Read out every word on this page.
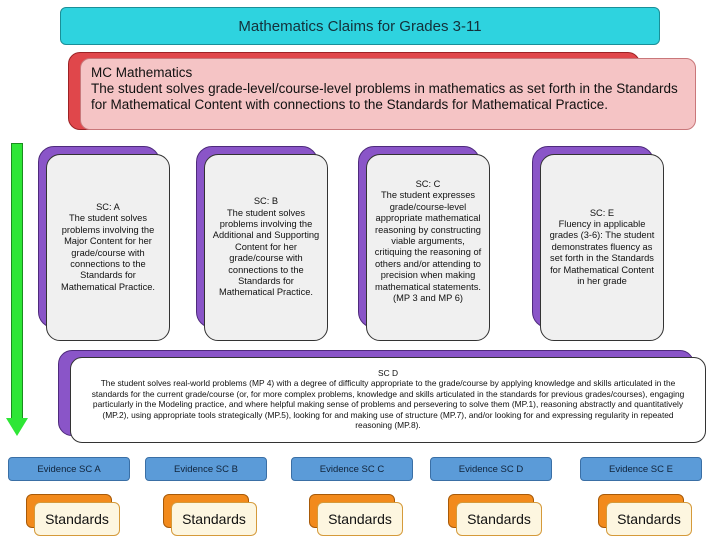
Mathematics Claims for Grades 3-11
MC Mathematics
The student solves grade-level/course-level problems in mathematics as set forth in the Standards for Mathematical Content with connections to the Standards for Mathematical Practice.
SC: A
The student solves problems involving the Major Content for her grade/course with connections to the Standards for Mathematical Practice.
SC: B
The student solves problems involving the Additional and Supporting Content for her grade/course with connections to the Standards for Mathematical Practice.
SC: C
The student expresses grade/course-level appropriate mathematical reasoning by constructing viable arguments, critiquing the reasoning of others and/or attending to precision when making mathematical statements. (MP 3 and MP 6)
SC: E
Fluency in applicable grades (3-6): The student demonstrates fluency as set forth in the Standards for Mathematical Content in her grade
SC D
The student solves real-world problems (MP 4) with a degree of difficulty appropriate to the grade/course by applying knowledge and skills articulated in the standards for the current grade/course (or, for more complex problems, knowledge and skills articulated in the standards for previous grades/courses), engaging particularly in the Modeling practice, and where helpful making sense of problems and persevering to solve them (MP.1), reasoning abstractly and quantitatively (MP.2), using appropriate tools strategically (MP.5), looking for and making use of structure (MP.7), and/or looking for and expressing regularity in repeated reasoning (MP.8).
Evidence SC A	Evidence SC B	Evidence SC C	Evidence SC D	Evidence SC E
Standards	Standards	Standards	Standards	Standards
